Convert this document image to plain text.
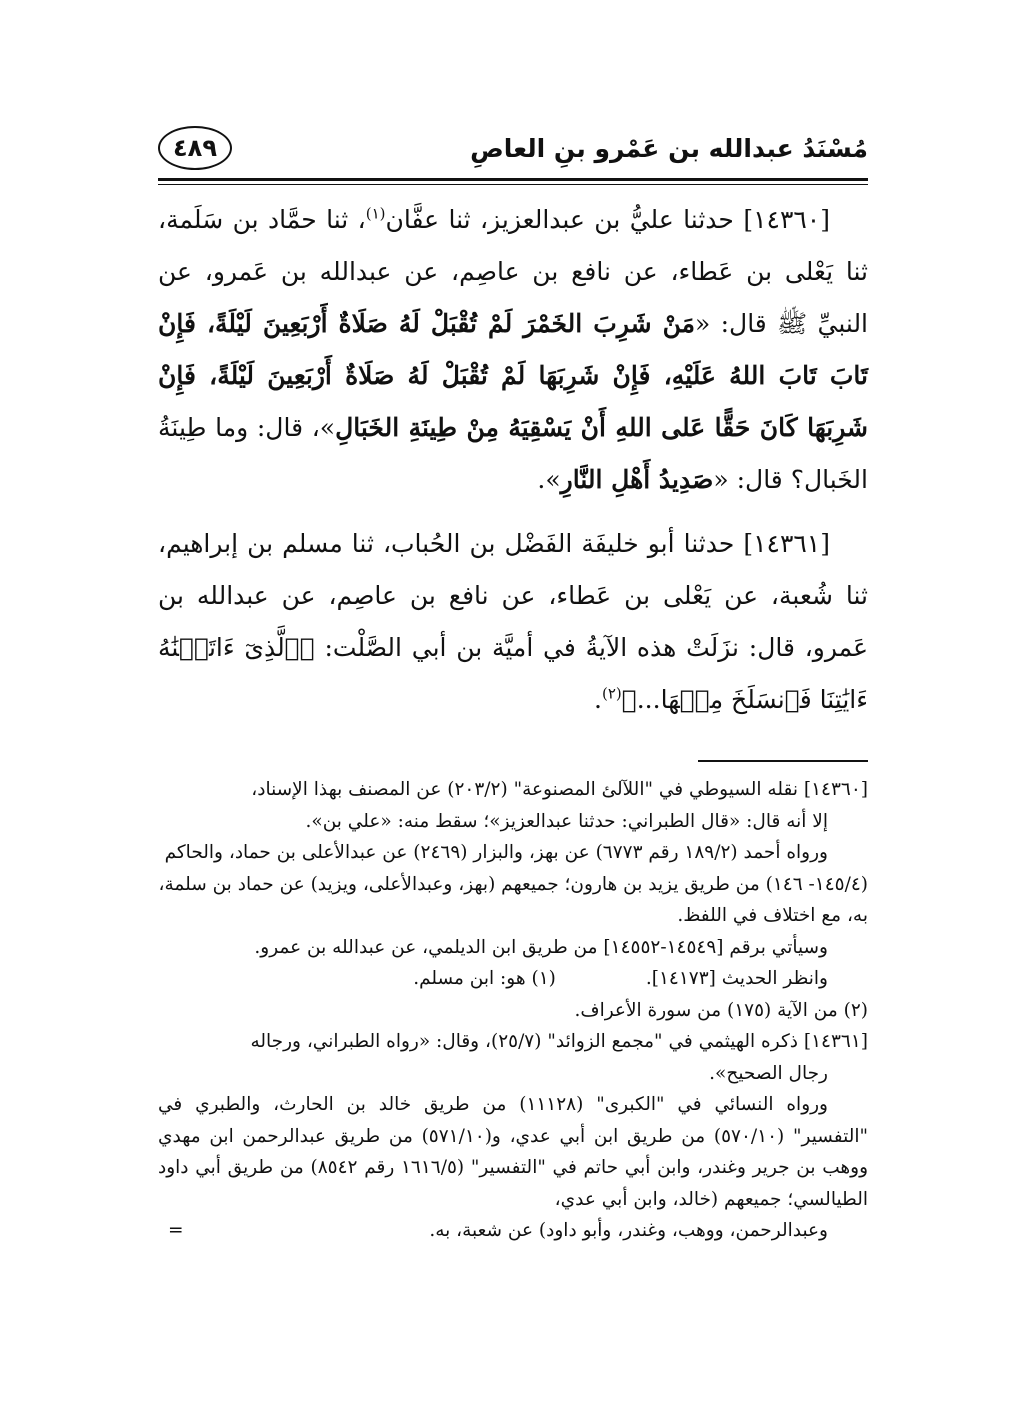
مُسْنَدُ عبدالله بن عَمْرو بنِ العاصِ
٤٨٩

[١٤٣٦٠] حدثنا عليُّ بن عبدالعزيز، ثنا عفَّان$^{(١)}$، ثنا حمَّاد بن سَلَمة، ثنا يَعْلى بن عَطاء، عن نافع بن عاصِم، عن عبدالله بن عَمرو، عن النبيِّ ﷺ قال: «مَنْ شَرِبَ الخَمْرَ لَمْ تُقْبَلْ لَهُ صَلَاةٌ أَرْبَعِينَ لَيْلَةً، فَإِنْ تَابَ تَابَ اللهُ عَلَيْهِ، فَإِنْ شَرِبَهَا لَمْ تُقْبَلْ لَهُ صَلَاةٌ أَرْبَعِينَ لَيْلَةً، فَإِنْ شَرِبَهَا كَانَ حَقًّا عَلى اللهِ أَنْ يَسْقِيَهُ مِنْ طِينَةِ الخَبَالِ»، قال: وما طِينَةُ الخَبال؟ قال: «صَدِيدُ أَهْلِ النَّارِ».

[١٤٣٦١] حدثنا أبو خليفَة الفَضْل بن الحُباب، ثنا مسلم بن إبراهيم، ثنا شُعبة، عن يَعْلى بن عَطاء، عن نافع بن عاصِم، عن عبدالله بن عَمرو، قال: نزَلَتْ هذه الآيةُ في أميَّة بن أبي الصَّلْت: ﴿ٱلَّذِىٓ ءَاتَيۡنَٰهُ ءَايَٰتِنَا فَٱنسَلَخَ مِنۡهَا...﴾$^{(٢)}$.

[١٤٣٦٠] نقله السيوطي في "اللآلئ المصنوعة" (٢٠٣/٢) عن المصنف بهذا الإسناد،

إلا أنه قال: «قال الطبراني: حدثنا عبدالعزيز»؛ سقط منه: «علي بن».

ورواه أحمد (١٨٩/٢ رقم ٦٧٧٣) عن بهز، والبزار (٢٤٦٩) عن عبدالأعلى بن حماد، والحاكم (١٤٥/٤- ١٤٦) من طريق يزيد بن هارون؛ جميعهم (بهز، وعبدالأعلى، ويزيد) عن حماد بن سلمة، به، مع اختلاف في اللفظ.

وسيأتي برقم [١٤٥٤٩-١٤٥٥٢] من طريق ابن الديلمي، عن عبدالله بن عمرو.

وانظر الحديث [١٤١٧٣].
(١) هو: ابن مسلم.

(٢) من الآية (١٧٥) من سورة الأعراف.

[١٤٣٦١] ذكره الهيثمي في "مجمع الزوائد" (٢٥/٧)، وقال: «رواه الطبراني، ورجاله

رجال الصحيح».

ورواه النسائي في "الكبرى" (١١١٢٨) من طريق خالد بن الحارث، والطبري في "التفسير" (٥٧٠/١٠) من طريق ابن أبي عدي، و(٥٧١/١٠) من طريق عبدالرحمن ابن مهدي ووهب بن جرير وغندر، وابن أبي حاتم في "التفسير" (١٦١٦/٥ رقم ٨٥٤٢) من طريق أبي داود الطيالسي؛ جميعهم (خالد، وابن أبي عدي،

وعبدالرحمن، ووهب، وغندر، وأبو داود) عن شعبة، به.

=
